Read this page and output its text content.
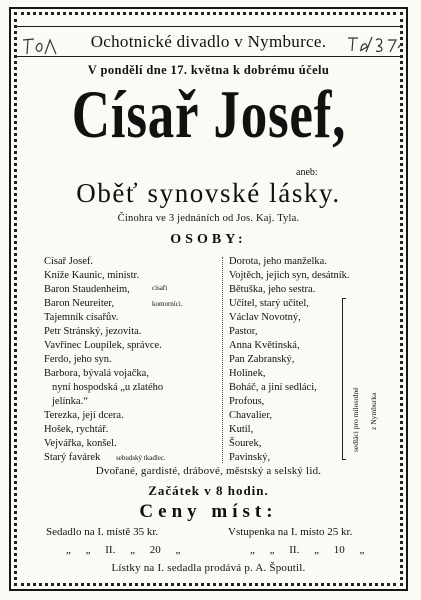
Ochotnické divadlo v Nymburce.
V pondělí dne 17. května k dobrému účelu
Císař Josef,
aneb:
Oběť synovské lásky.
Činohra ve 3 jednáních od Jos. Kaj. Tyla.
OSOBY:
Císař Josef.
Kníže Kaunic, ministr.
Baron Staudenheim,	císaři
Baron Neureiter,	komorníci.
Tajemník císařův.
Petr Stránský, jezovita.
Vavřinec Loupílek, správce.
Ferdo, jeho syn.
Barbora, bývalá vojačka,
nyní hospodská „u zlatého
jelínka.“
Terezka, její dcera.
Hošek, rychtář.
Vejvářka, konšel.
Starý favárek sebudský tkadlec.
Dorota, jeho manželka.
Vojtěch, jejich syn, desátník.
Bětuška, jeho sestra.
Učitel, starý učitel,
Václav Novotný,
Pastor,
Anna Květinská,
Pan Zabranský,
Holinek,
Boháč, a jiní sedláci,
Profous,
Chavalier,
Kutil,
Šourek,
Pavinský,
sedláci pro milosrdné z Nymburka
Dvořané, gardisté, drábové, městský a selský lid.
Začátek v 8 hodin.
Ceny míst:
Sedadlo na I. místě 35 kr.	Vstupenka na I. místo 25 kr.
„ „ II. „ 20 „	„ „ II. „ 10 „
Lístky na I. sedadla prodává p. A. Špoutil.
